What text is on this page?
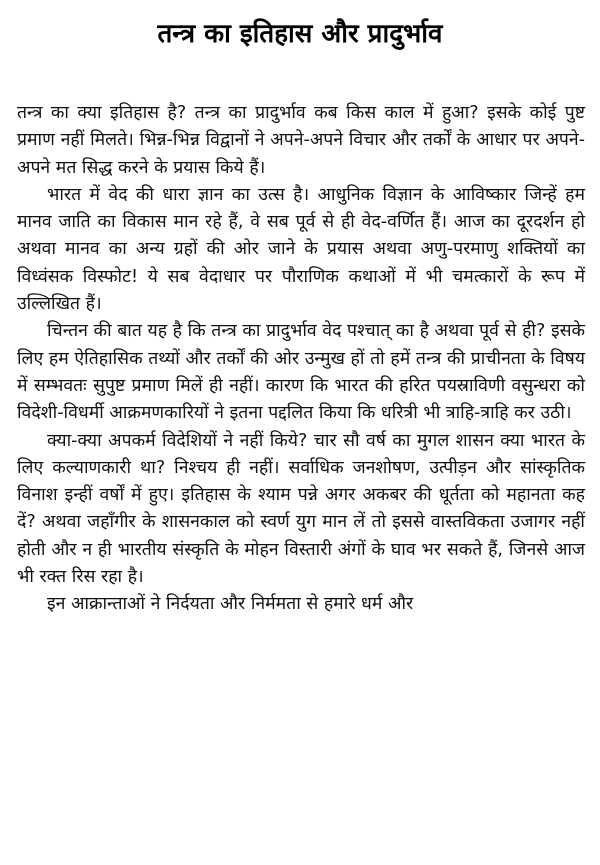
तन्त्र का इतिहास और प्रादुर्भाव

तन्त्र का क्या इतिहास है? तन्त्र का प्रादुर्भाव कब किस काल में हुआ? इसके कोई पुष्ट प्रमाण नहीं मिलते। भिन्न-भिन्न विद्वानों ने अपने-अपने विचार और तर्कों के आधार पर अपने-अपने मत सिद्ध करने के प्रयास किये हैं।

भारत में वेद की धारा ज्ञान का उत्स है। आधुनिक विज्ञान के आविष्कार जिन्हें हम मानव जाति का विकास मान रहे हैं, वे सब पूर्व से ही वेद-वर्णित हैं। आज का दूरदर्शन हो अथवा मानव का अन्य ग्रहों की ओर जाने के प्रयास अथवा अणु-परमाणु शक्तियों का विध्वंसक विस्फोट! ये सब वेदाधार पर पौराणिक कथाओं में भी चमत्कारों के रूप में उल्लिखित हैं।

चिन्तन की बात यह है कि तन्त्र का प्रादुर्भाव वेद पश्चात् का है अथवा पूर्व से ही? इसके लिए हम ऐतिहासिक तथ्यों और तर्कों की ओर उन्मुख हों तो हमें तन्त्र की प्राचीनता के विषय में सम्भवतः सुपुष्ट प्रमाण मिलें ही नहीं। कारण कि भारत की हरित पयस्राविणी वसुन्धरा को विदेशी-विधर्मी आक्रमणकारियों ने इतना पद्दलित किया कि धरित्री भी त्राहि-त्राहि कर उठी।

क्या-क्या अपकर्म विदेशियों ने नहीं किये? चार सौ वर्ष का मुगल शासन क्या भारत के लिए कल्याणकारी था? निश्चय ही नहीं। सर्वाधिक जनशोषण, उत्पीड़न और सांस्कृतिक विनाश इन्हीं वर्षों में हुए। इतिहास के श्याम पन्ने अगर अकबर की धूर्तता को महानता कह दें? अथवा जहाँगीर के शासनकाल को स्वर्ण युग मान लें तो इससे वास्तविकता उजागर नहीं होती और न ही भारतीय संस्कृति के मोहन विस्तारी अंगों के घाव भर सकते हैं, जिनसे आज भी रक्त रिस रहा है।

इन आक्रान्ताओं ने निर्दयता और निर्ममता से हमारे धर्म और
